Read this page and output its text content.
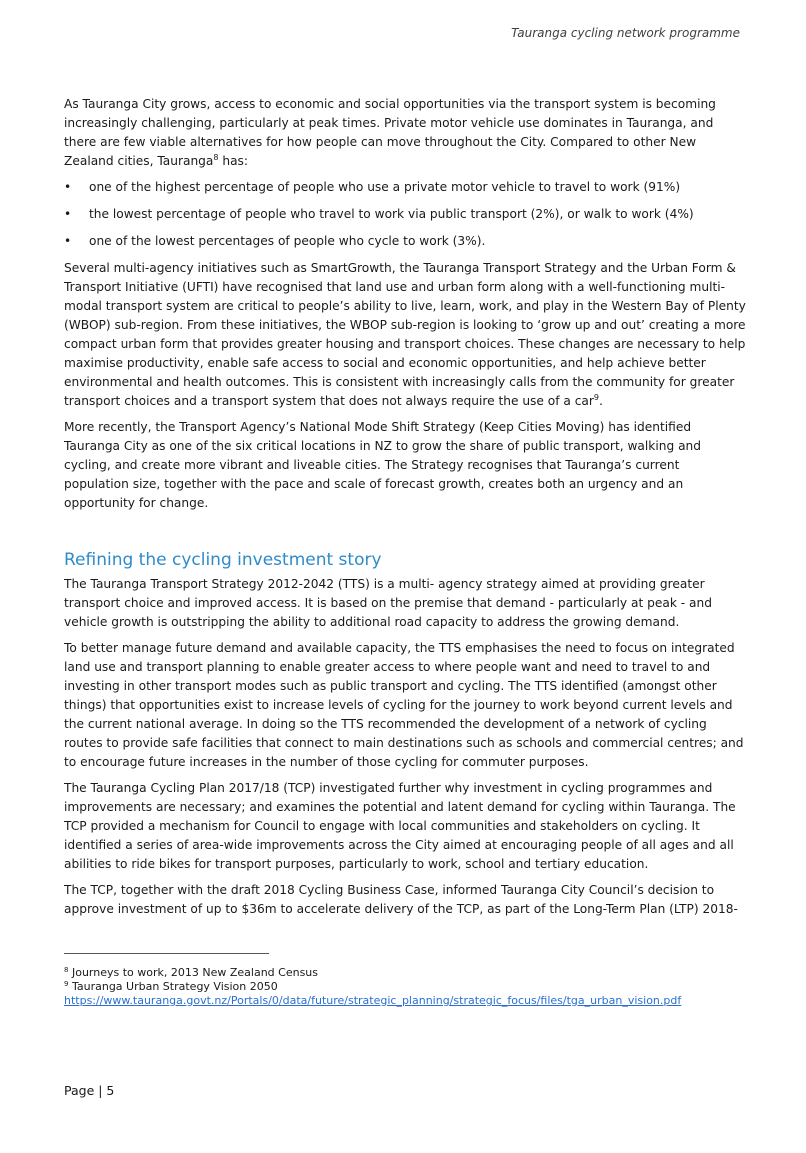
Tauranga cycling network programme

As Tauranga City grows, access to economic and social opportunities via the transport system is becoming increasingly challenging, particularly at peak times. Private motor vehicle use dominates in Tauranga, and there are few viable alternatives for how people can move throughout the City. Compared to other New Zealand cities, Tauranga$^8$ has:

• one of the highest percentage of people who use a private motor vehicle to travel to work (91%)
• the lowest percentage of people who travel to work via public transport (2%), or walk to work (4%)
• one of the lowest percentages of people who cycle to work (3%).

Several multi-agency initiatives such as SmartGrowth, the Tauranga Transport Strategy and the Urban Form & Transport Initiative (UFTI) have recognised that land use and urban form along with a well-functioning multi-modal transport system are critical to people’s ability to live, learn, work, and play in the Western Bay of Plenty (WBOP) sub-region. From these initiatives, the WBOP sub-region is looking to ‘grow up and out’ creating a more compact urban form that provides greater housing and transport choices. These changes are necessary to help maximise productivity, enable safe access to social and economic opportunities, and help achieve better environmental and health outcomes. This is consistent with increasingly calls from the community for greater transport choices and a transport system that does not always require the use of a car$^9$.

More recently, the Transport Agency’s National Mode Shift Strategy (Keep Cities Moving) has identified Tauranga City as one of the six critical locations in NZ to grow the share of public transport, walking and cycling, and create more vibrant and liveable cities. The Strategy recognises that Tauranga’s current population size, together with the pace and scale of forecast growth, creates both an urgency and an opportunity for change.

Refining the cycling investment story

The Tauranga Transport Strategy 2012-2042 (TTS) is a multi- agency strategy aimed at providing greater transport choice and improved access. It is based on the premise that demand - particularly at peak - and vehicle growth is outstripping the ability to additional road capacity to address the growing demand.

To better manage future demand and available capacity, the TTS emphasises the need to focus on integrated land use and transport planning to enable greater access to where people want and need to travel to and investing in other transport modes such as public transport and cycling. The TTS identified (amongst other things) that opportunities exist to increase levels of cycling for the journey to work beyond current levels and the current national average. In doing so the TTS recommended the development of a network of cycling routes to provide safe facilities that connect to main destinations such as schools and commercial centres; and to encourage future increases in the number of those cycling for commuter purposes.

The Tauranga Cycling Plan 2017/18 (TCP) investigated further why investment in cycling programmes and improvements are necessary; and examines the potential and latent demand for cycling within Tauranga. The TCP provided a mechanism for Council to engage with local communities and stakeholders on cycling. It identified a series of area-wide improvements across the City aimed at encouraging people of all ages and all abilities to ride bikes for transport purposes, particularly to work, school and tertiary education.

The TCP, together with the draft 2018 Cycling Business Case, informed Tauranga City Council’s decision to approve investment of up to $36m to accelerate delivery of the TCP, as part of the Long-Term Plan (LTP) 2018-

$^8$ Journeys to work, 2013 New Zealand Census
$^9$ Tauranga Urban Strategy Vision 2050
https://www.tauranga.govt.nz/Portals/0/data/future/strategic_planning/strategic_focus/files/tga_urban_vision.pdf
Page | 5
